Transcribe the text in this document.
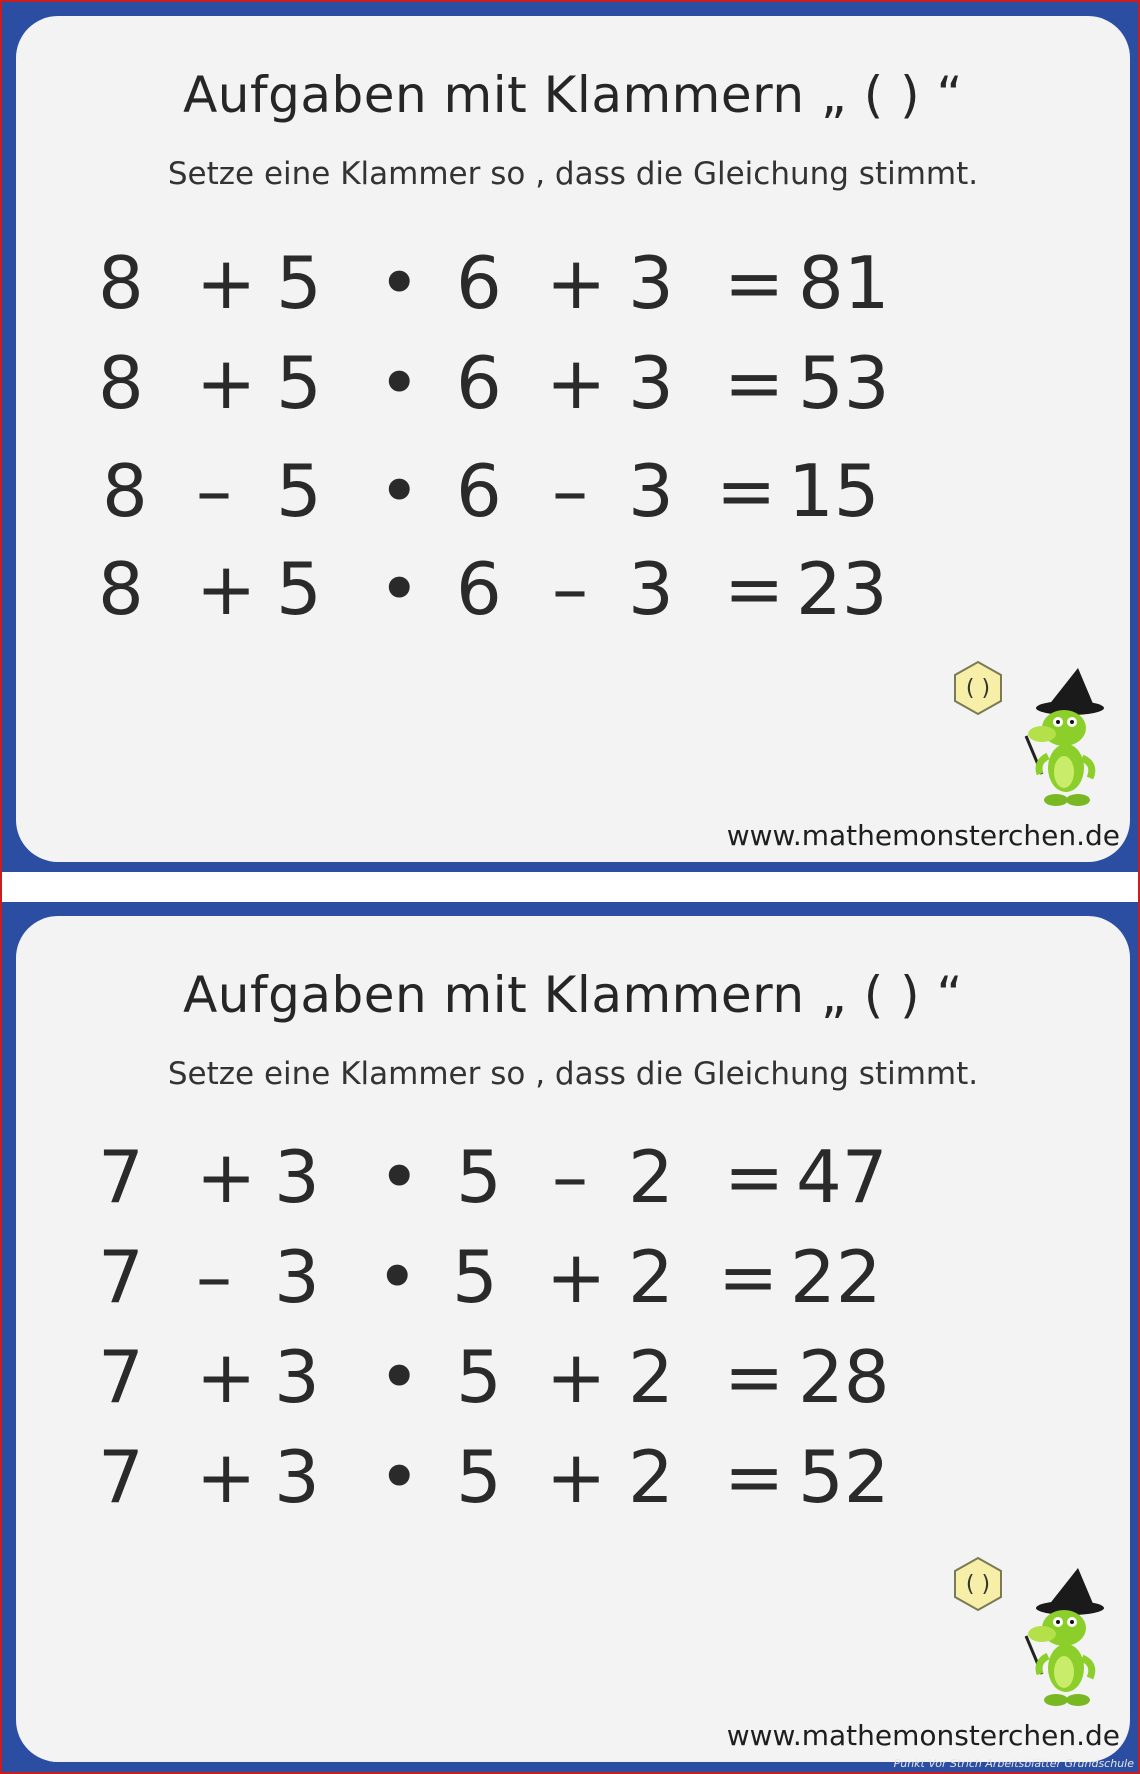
Aufgaben mit Klammern „ ( ) “
Setze eine Klammer so , dass die Gleichung stimmt.
8 + 5 • 6 + 3 = 81
8 + 5 • 6 + 3 = 53
8 – 5 • 6 – 3 = 15
8 + 5 • 6 – 3 = 23
( )
www.mathemonsterchen.de
Aufgaben mit Klammern „ ( ) “
Setze eine Klammer so , dass die Gleichung stimmt.
7 + 3 • 5 – 2 = 47
7 – 3 • 5 + 2 = 22
7 + 3 • 5 + 2 = 28
7 + 3 • 5 + 2 = 52
( )
www.mathemonsterchen.de
Punkt Vor Strich Arbeitsblätter Grundschule
